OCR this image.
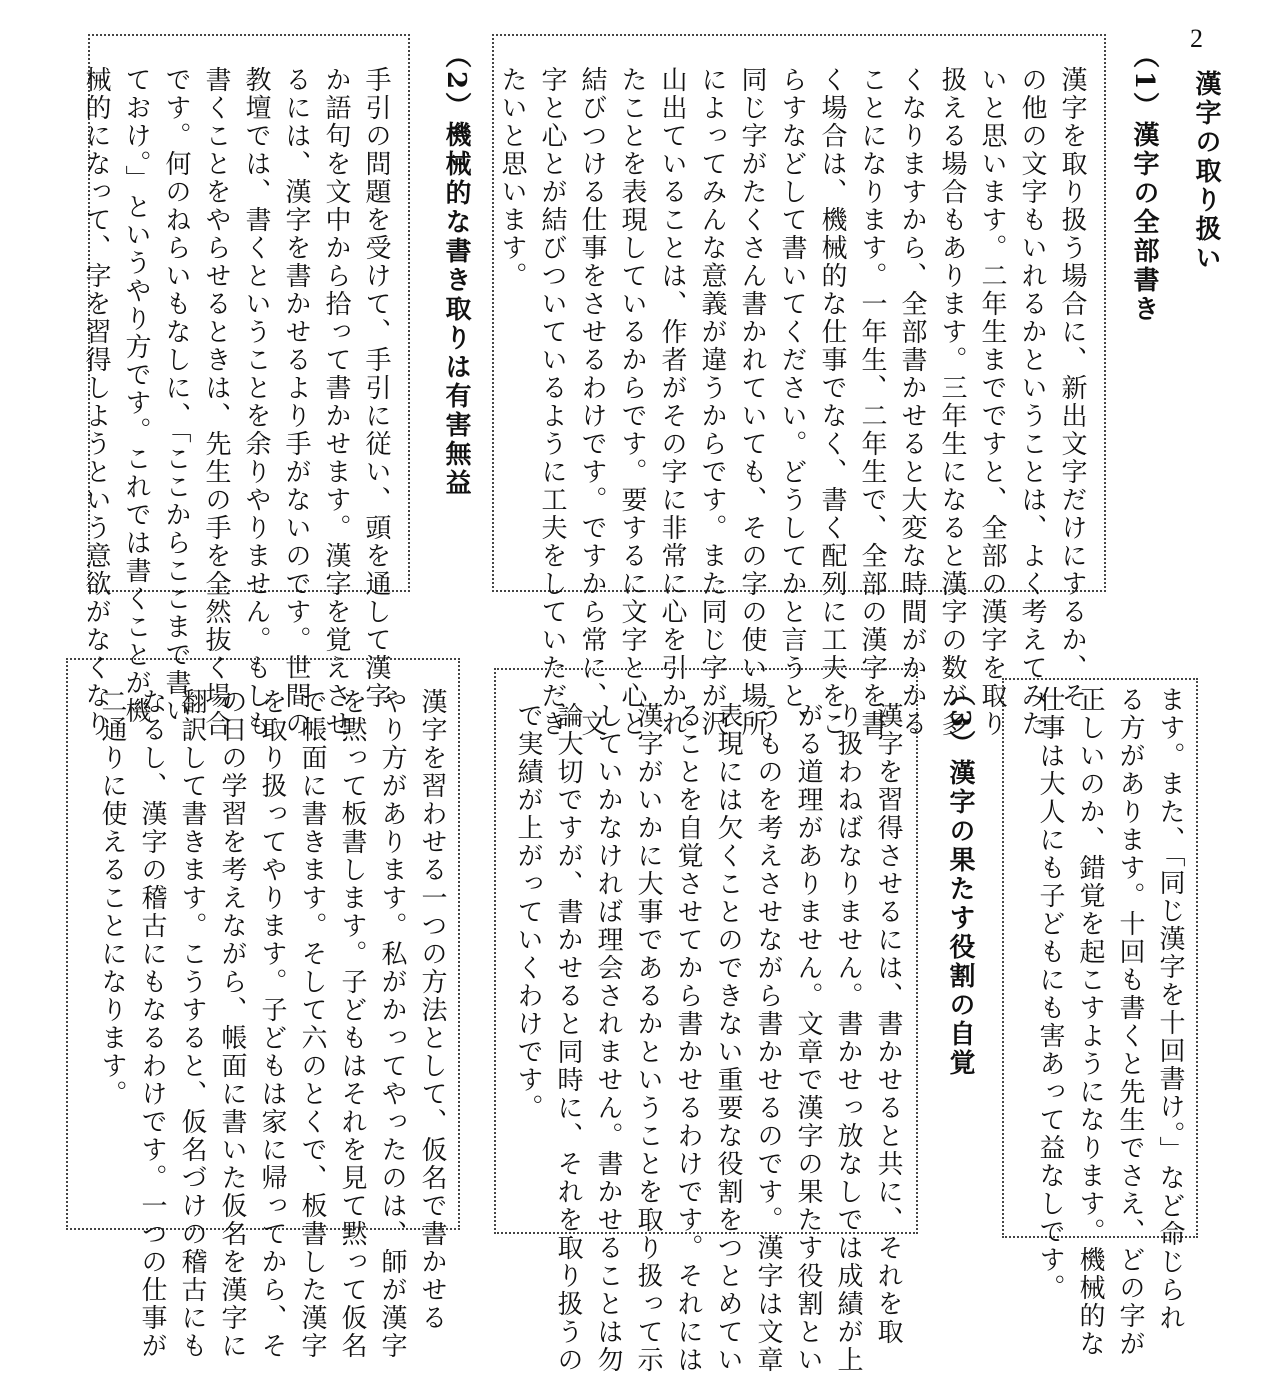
2
漢字の取り扱い
（1）漢字の全部書き

漢字を取り扱う場合に、新出文字だけにするか、そ

の他の文字もいれるかということは、よく考えてみた

いと思います。二年生までですと、全部の漢字を取り

扱える場合もあります。三年生になると漢字の数が多

くなりますから、全部書かせると大変な時間がかかる

ことになります。一年生、二年生で、全部の漢字を書

く場合は、機械的な仕事でなく、書く配列に工夫をこ

らすなどして書いてください。どうしてかと言うと、

同じ字がたくさん書かれていても、その字の使い場所

によってみんな意義が違うからです。また同じ字が沢

山出ていることは、作者がその字に非常に心を引かれ

たことを表現しているからです。要するに文字と心と

結びつける仕事をさせるわけです。ですから常に、文

字と心とが結びついているように工夫をしていただき

たいと思います。

（2）機械的な書き取りは有害無益

手引の問題を受けて、手引に従い、頭を通して漢字

か語句を文中から拾って書かせます。漢字を覚えさせ

るには、漢字を書かせるより手がないのです。世間の

教壇では、書くということを余りやりません。もしも

書くことをやらせるときは、先生の手を全然抜く場合

です。何のねらいもなしに、「ここからここまで書い

ておけ。」というやり方です。これでは書くことが機

械的になって、字を習得しようという意欲がなくなり

ます。また、「同じ漢字を十回書け。」など命じられ

る方があります。十回も書くと先生でさえ、どの字が

正しいのか、錯覚を起こすようになります。機械的な

仕事は大人にも子どもにも害あって益なしです。

（3）漢字の果たす役割の自覚

漢字を習得させるには、書かせると共に、それを取

り扱わねばなりません。書かせっ放なしでは成績が上

がる道理がありません。文章で漢字の果たす役割とい

うものを考えさせながら書かせるのです。漢字は文章

表現には欠くことのできない重要な役割をつとめてい

ることを自覚させてから書かせるわけです。それには

漢字がいかに大事であるかということを取り扱って示

していかなければ理会されません。書かせることは勿

論大切ですが、書かせると同時に、それを取り扱うの

で実績が上がっていくわけです。

漢字を習わせる一つの方法として、仮名で書かせる

やり方があります。私がかってやったのは、師が漢字

を黙って板書します。子どもはそれを見て黙って仮名

で帳面に書きます。そして六のとくで、板書した漢字

を取り扱ってやります。子どもは家に帰ってから、そ

の日の学習を考えながら、帳面に書いた仮名を漢字に

翻訳して書きます。こうすると、仮名づけの稽古にも

なるし、漢字の稽古にもなるわけです。一つの仕事が

二通りに使えることになります。
